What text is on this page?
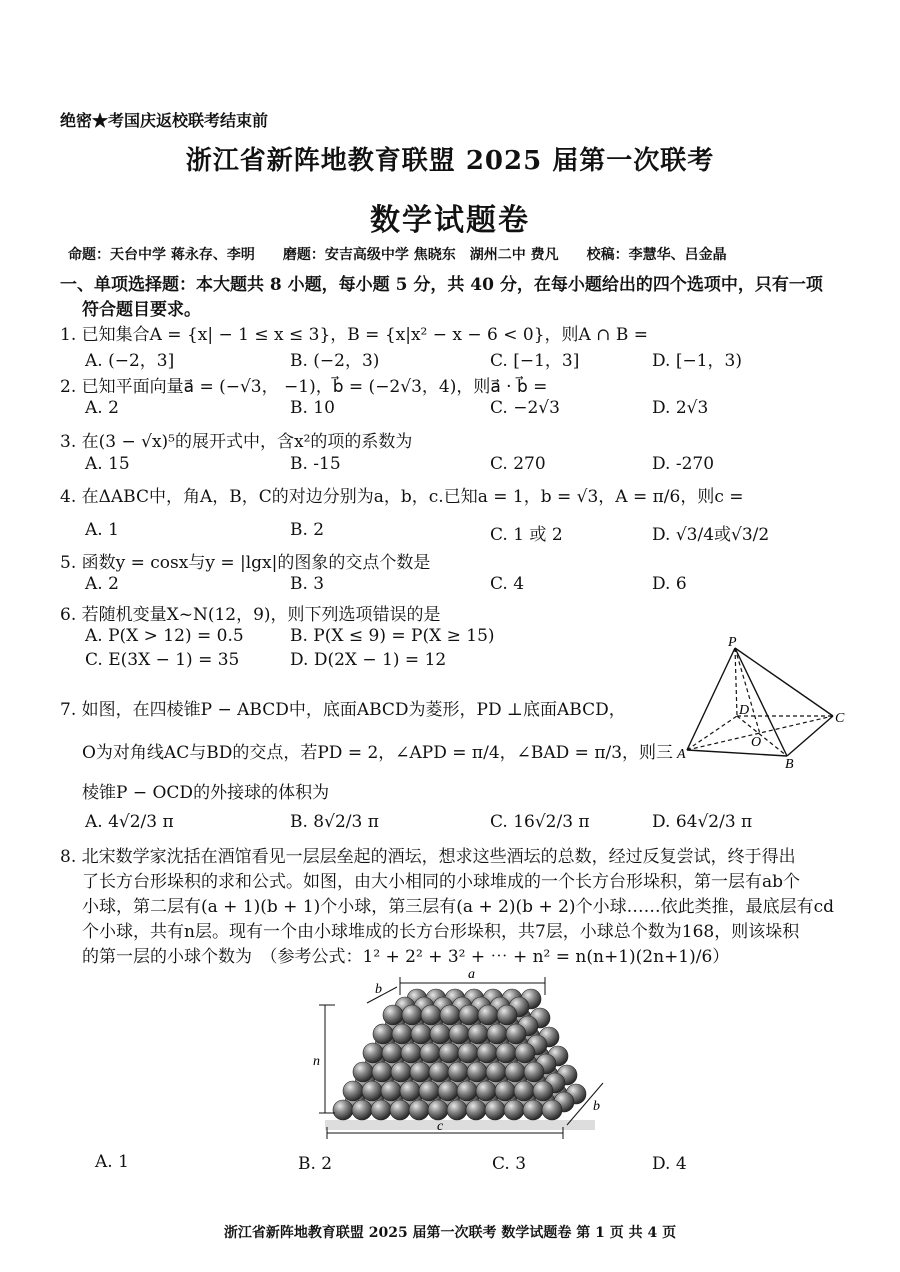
绝密★考国庆返校联考结束前
浙江省新阵地教育联盟 2025 届第一次联考
数学试题卷
命题：天台中学 蒋永存、李明　　磨题：安吉高级中学 焦晓东　湖州二中 费凡　　校稿：李慧华、吕金晶
一、单项选择题：本大题共 8 小题，每小题 5 分，共 40 分，在每小题给出的四个选项中，只有一项
符合题目要求。
1. 已知集合A = {x| − 1 ≤ x ≤ 3}，B = {x|x² − x − 6 < 0}，则A ∩ B =
A. (−2，3]	B. (−2，3)	C. [−1，3]	D. [−1，3)
2. 已知平面向量a⃗ = (−√3， −1)，b⃗ = (−2√3，4)，则a⃗ · b⃗ =
A. 2	B. 10	C. −2√3	D. 2√3
3. 在(3 − √x)⁵的展开式中，含x²的项的系数为
A. 15	B. -15	C. 270	D. -270
4. 在ΔABC中，角A，B，C的对边分别为a，b，c.已知a = 1，b = √3，A = π/6，则c =
A. 1	B. 2	C. 1 或 2	D. √3/4或√3/2
5. 函数y = cosx与y = |lgx|的图象的交点个数是
A. 2	B. 3	C. 4	D. 6
6. 若随机变量X~N(12，9)，则下列选项错误的是
A. P(X > 12) = 0.5	B. P(X ≤ 9) = P(X ≥ 15)
C. E(3X − 1) = 35	D. D(2X − 1) = 12
7. 如图，在四棱锥P − ABCD中，底面ABCD为菱形，PD ⊥底面ABCD，
O为对角线AC与BD的交点，若PD = 2，∠APD = π/4，∠BAD = π/3，则三
棱锥P − OCD的外接球的体积为
A. 4√2/3 π	B. 8√2/3 π	C. 16√2/3 π	D. 64√2/3 π
P
D
C
A
O
B
8. 北宋数学家沈括在酒馆看见一层层垒起的酒坛，想求这些酒坛的总数，经过反复尝试，终于得出
了长方台形垛积的求和公式。如图，由大小相同的小球堆成的一个长方台形垛积，第一层有ab个
小球，第二层有(a + 1)(b + 1)个小球，第三层有(a + 2)(b + 2)个小球……依此类推，最底层有cd
个小球，共有n层。现有一个由小球堆成的长方台形垛积，共7层，小球总个数为168，则该垛积
的第一层的小球个数为　（参考公式：1² + 2² + 3² + ⋯ + n² = n(n+1)(2n+1)/6）
a
b
n
b
c
A. 1	B. 2	C. 3	D. 4
浙江省新阵地教育联盟 2025 届第一次联考 数学试题卷 第 1 页 共 4 页
